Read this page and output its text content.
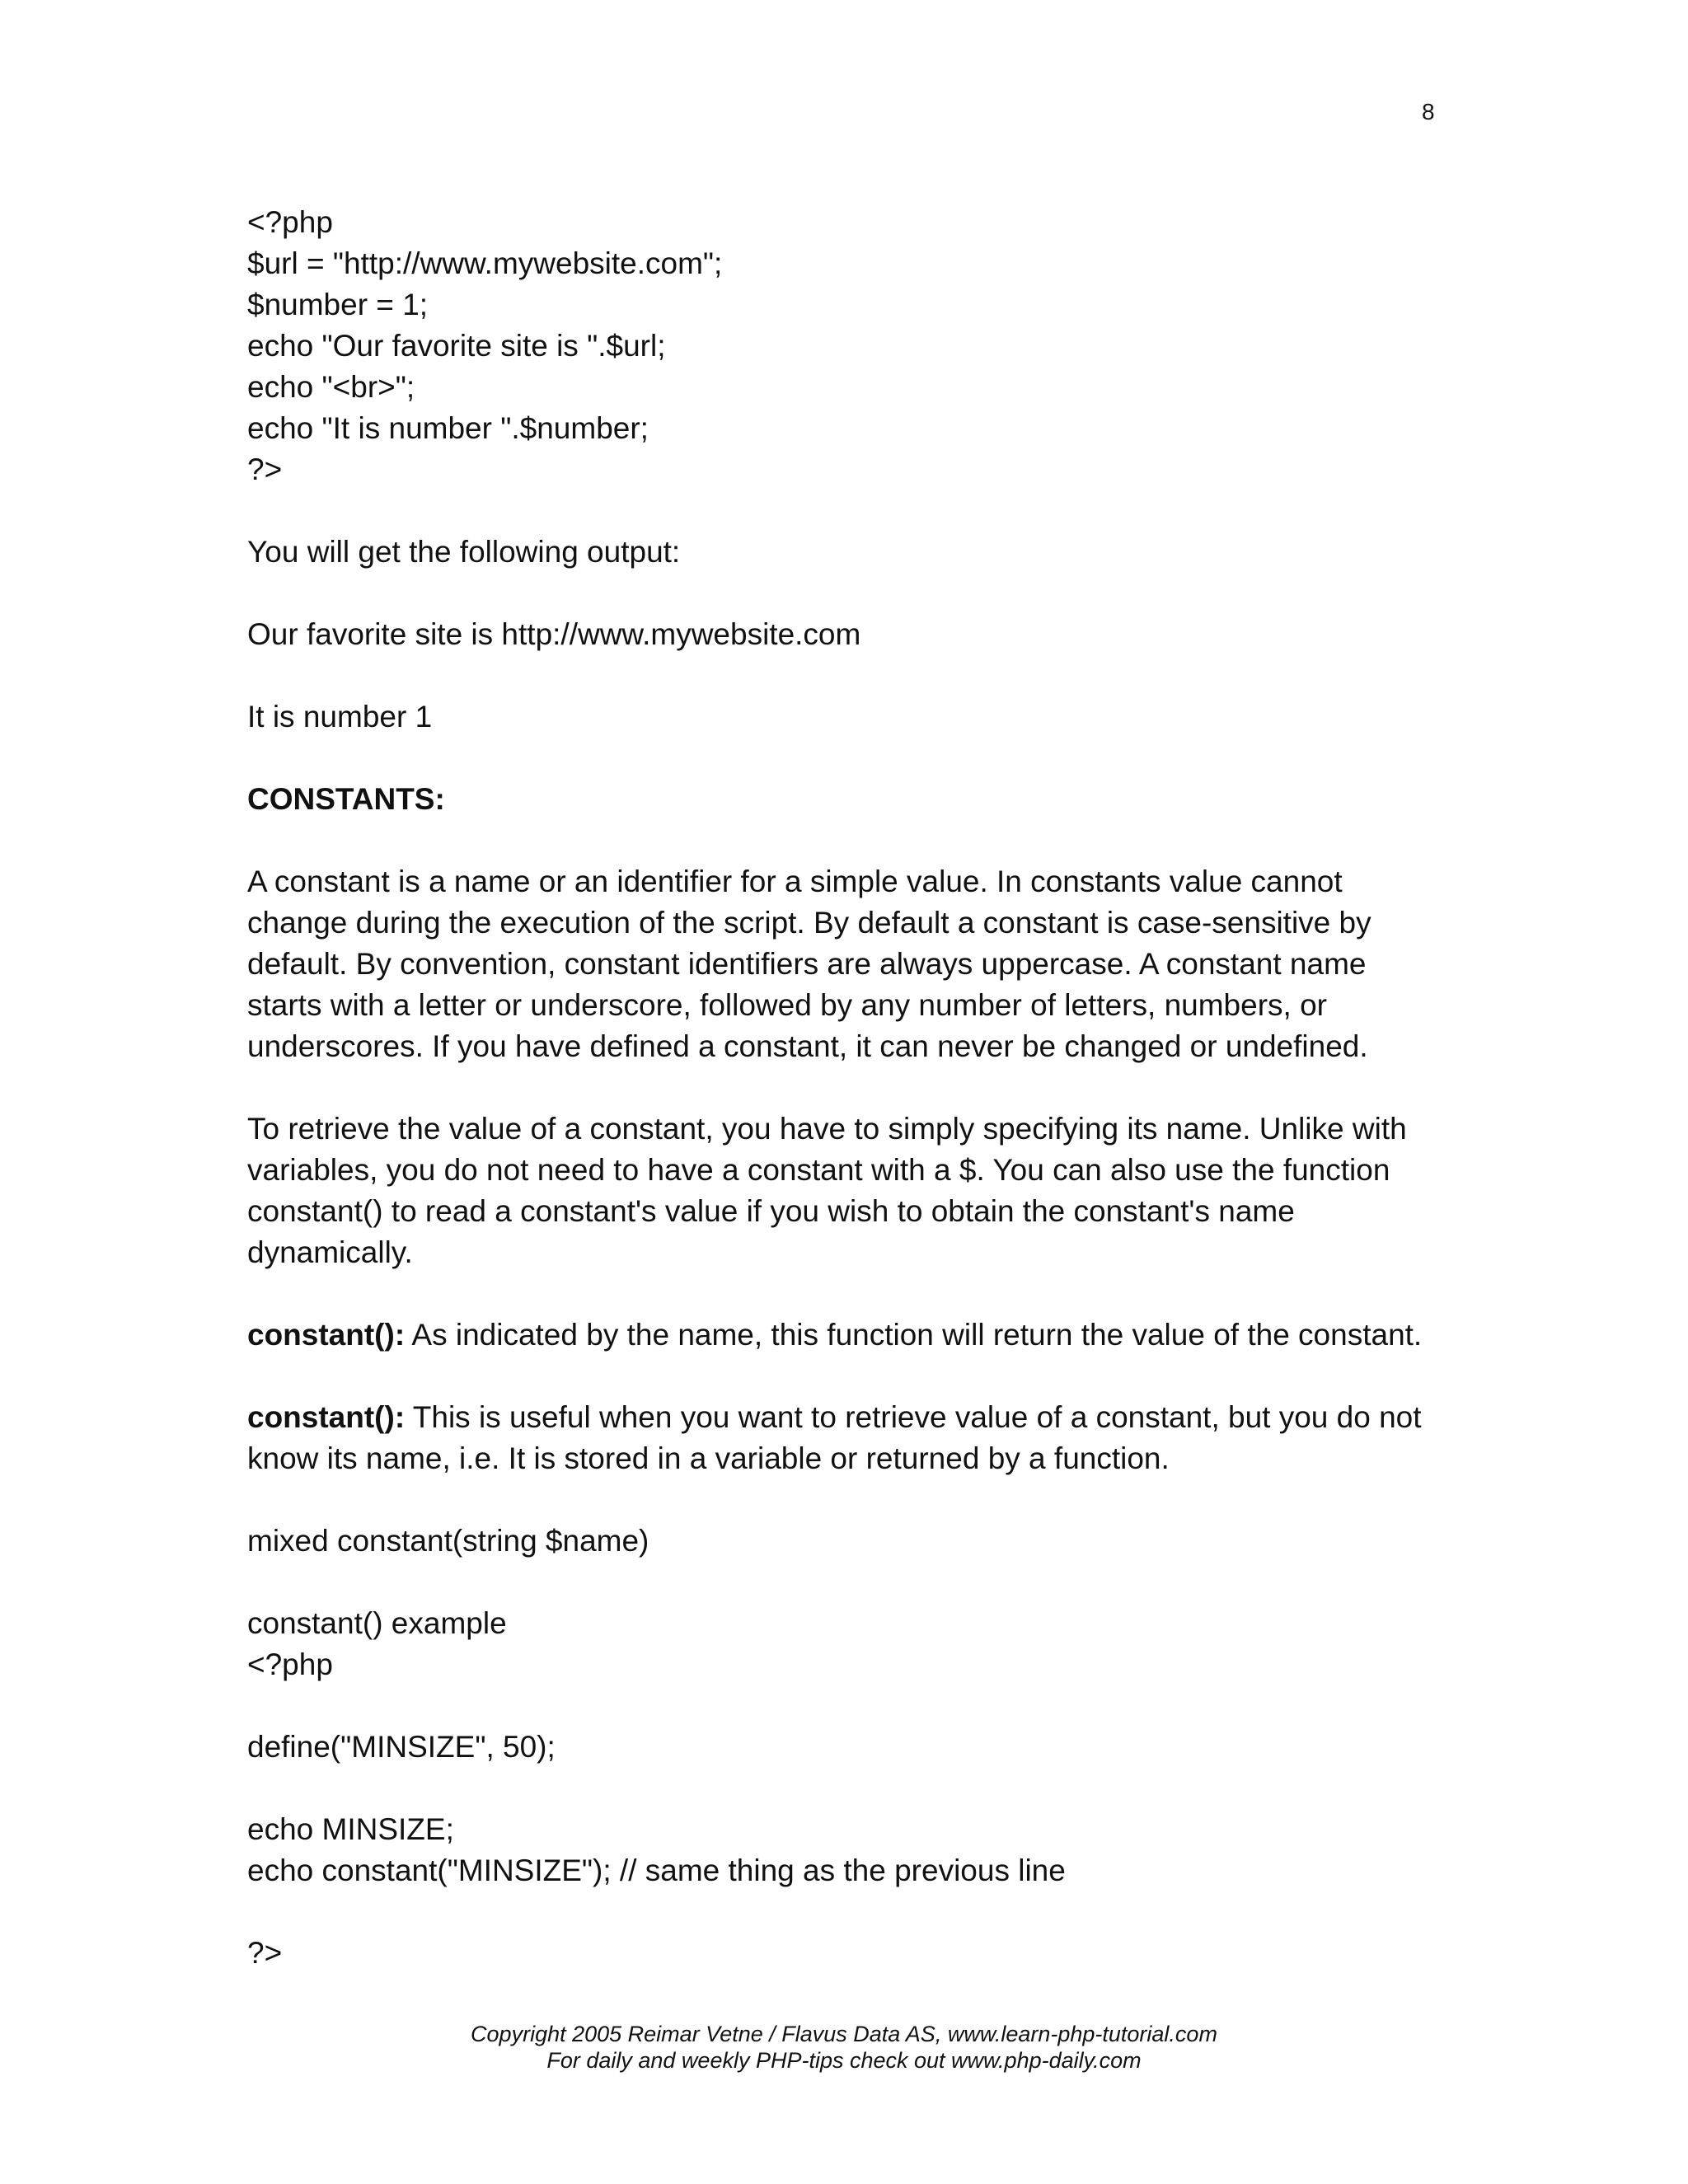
8
<?php
$url = "http://www.mywebsite.com";
$number = 1;
echo "Our favorite site is ".$url;
echo "<br>";
echo "It is number ".$number;
?>
You will get the following output:
Our favorite site is http://www.mywebsite.com
It is number 1
CONSTANTS:
A constant is a name or an identifier for a simple value. In constants value cannot
change during the execution of the script. By default a constant is case-sensitive by
default. By convention, constant identifiers are always uppercase. A constant name
starts with a letter or underscore, followed by any number of letters, numbers, or
underscores. If you have defined a constant, it can never be changed or undefined.
To retrieve the value of a constant, you have to simply specifying its name. Unlike with
variables, you do not need to have a constant with a $. You can also use the function
constant() to read a constant's value if you wish to obtain the constant's name
dynamically.
constant(): As indicated by the name, this function will return the value of the constant.
constant(): This is useful when you want to retrieve value of a constant, but you do not
know its name, i.e. It is stored in a variable or returned by a function.
mixed constant(string $name)
constant() example
<?php
define("MINSIZE", 50);
echo MINSIZE;
echo constant("MINSIZE"); // same thing as the previous line
?>
Copyright 2005 Reimar Vetne / Flavus Data AS, www.learn-php-tutorial.com
For daily and weekly PHP-tips check out www.php-daily.com
